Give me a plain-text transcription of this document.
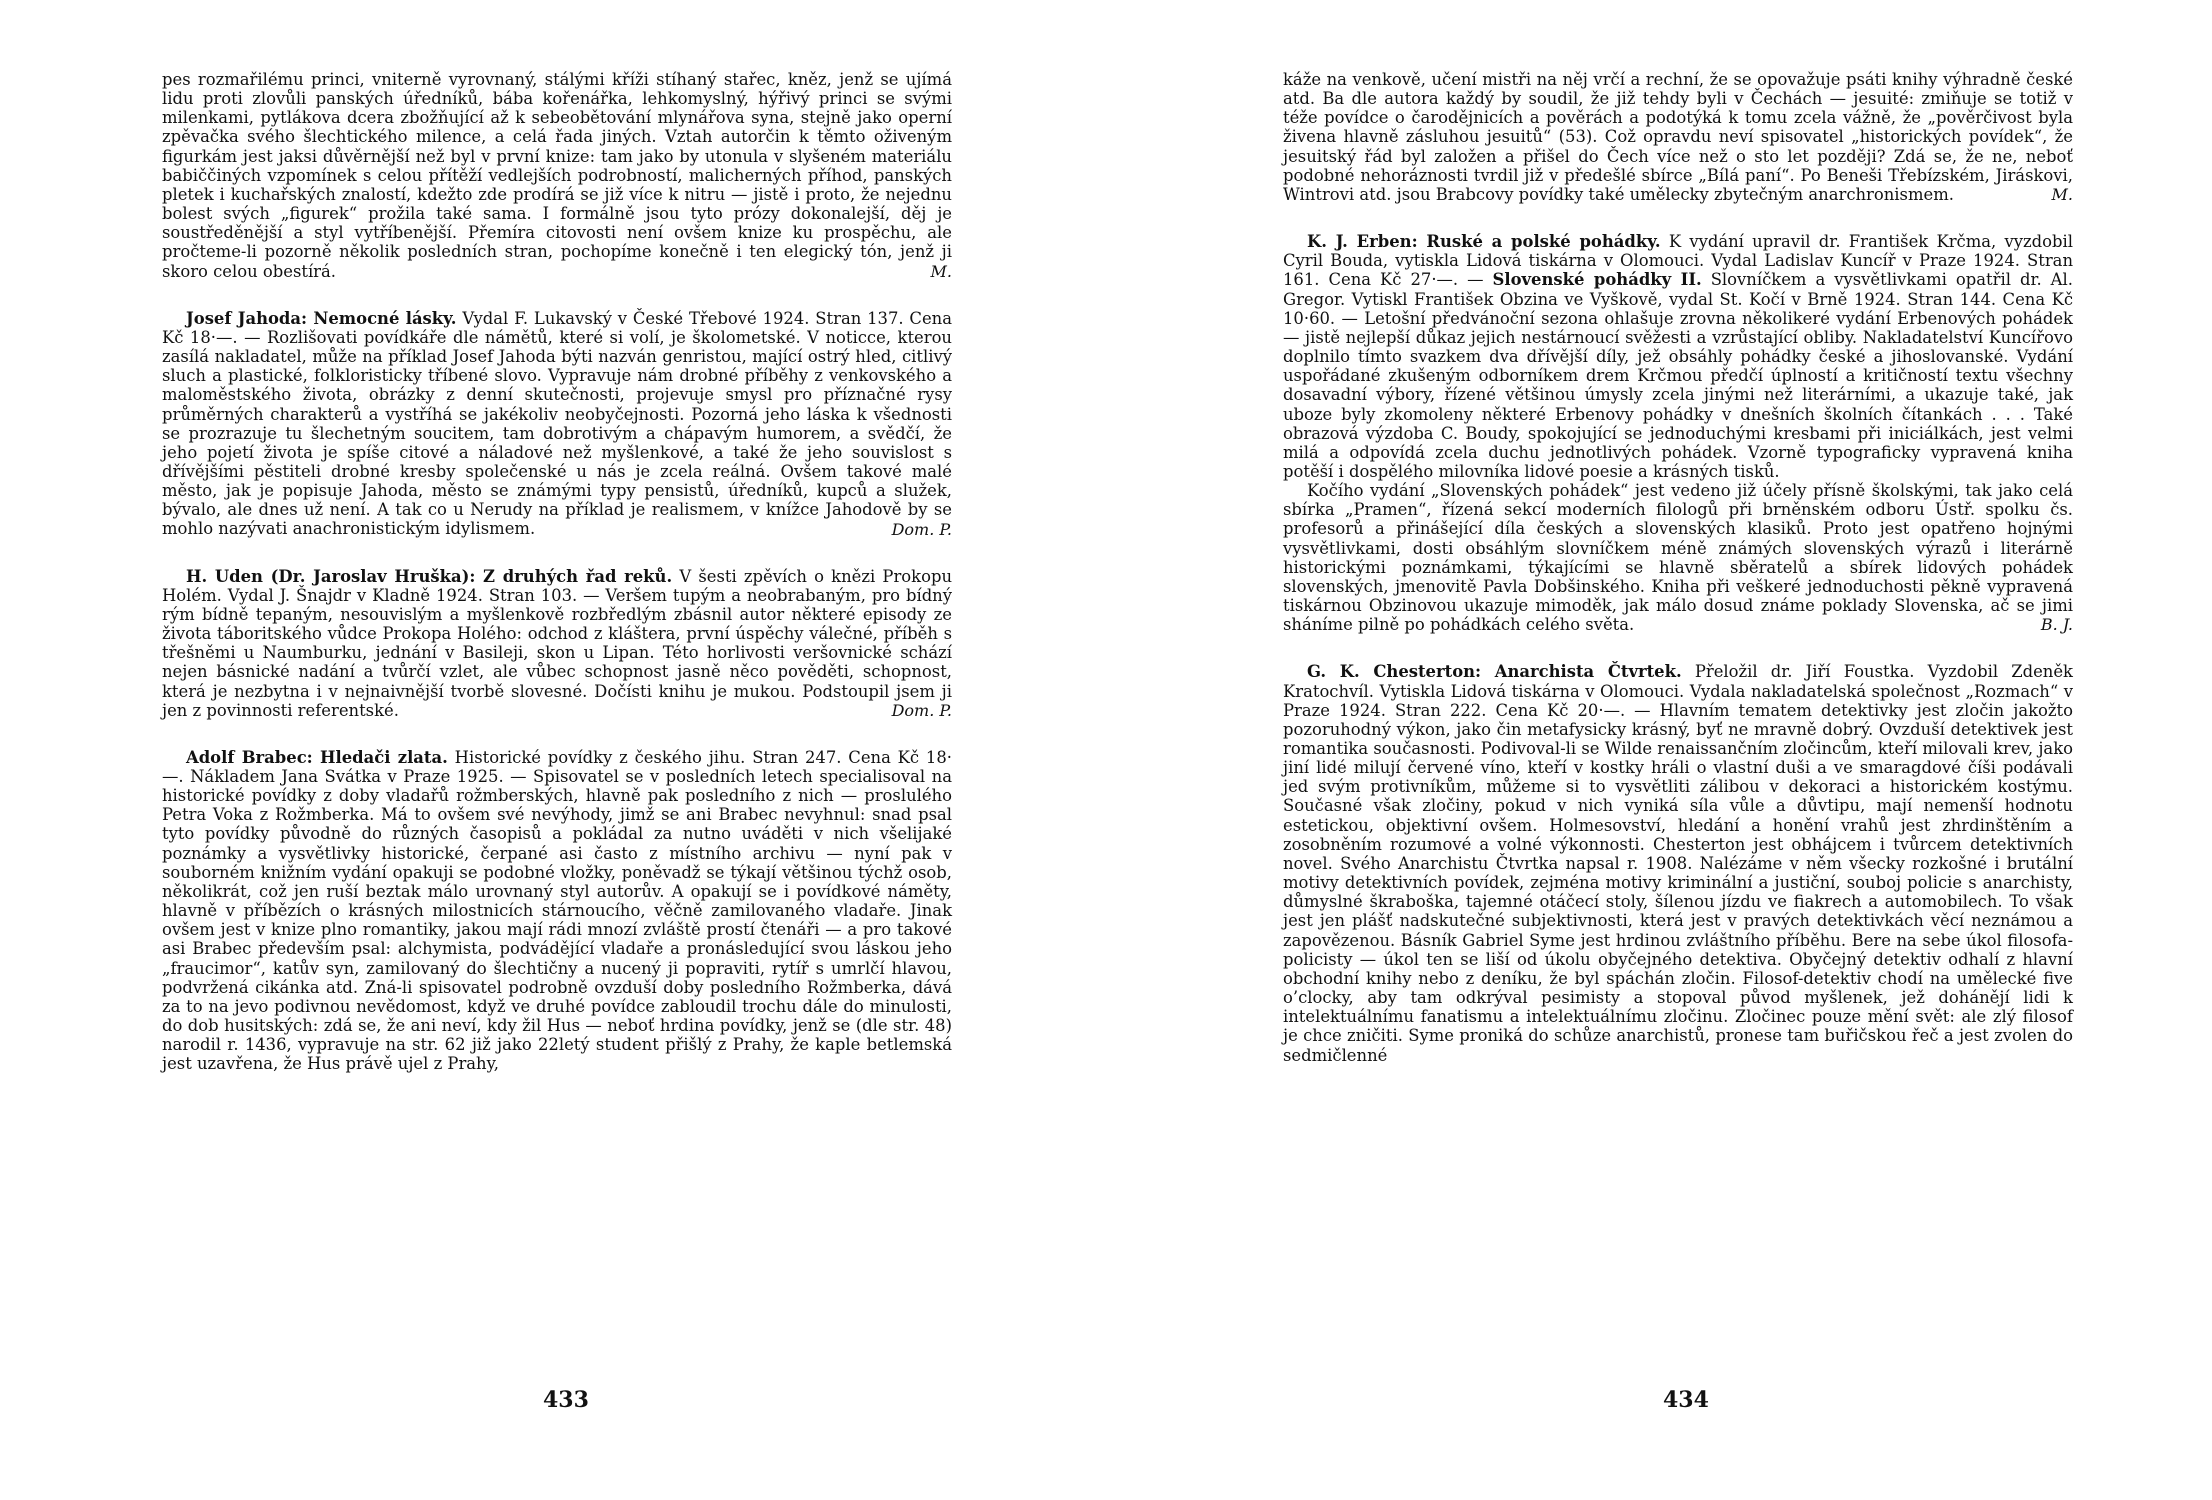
pes rozmařilému princi, vniterně vyrovnaný, stálými kříži stíhaný stařec, kněz, jenž se ujímá lidu proti zlovůli panských úředníků, bába kořenářka, lehkomyslný, hýřivý princi se svými milenkami, pytlákova dcera zbožňující až k sebeobětování mlynářova syna, stejně jako operní zpěvačka svého šlechtického milence, a celá řada jiných. Vztah autorčin k těmto oživeným figurkám jest jaksi důvěrnější než byl v první knize: tam jako by utonula v slyšeném materiálu babiččiných vzpomínek s celou přítěží vedlejších podrobností, malicherných příhod, panských pletek i kuchařských znalostí, kdežto zde prodírá se již více k nitru — jistě i proto, že nejednu bolest svých „figurek“ prožila také sama. I formálně jsou tyto prózy dokonalejší, děj je soustředěnější a styl vytříbenější. Přemíra citovosti není ovšem knize ku prospěchu, ale pročteme-li pozorně několik posledních stran, pochopíme konečně i ten elegický tón, jenž ji skoro celou obestírá.	M.

Josef Jahoda: Nemocné lásky. Vydal F. Lukavský v České Třebové 1924. Stran 137. Cena Kč 18·—. — Rozlišovati povídkáře dle námětů, které si volí, je školometské. V noticce, kterou zasílá nakladatel, může na příklad Josef Jahoda býti nazván genristou, mající ostrý hled, citlivý sluch a plastické, folkloristicky tříbené slovo. Vypravuje nám drobné příběhy z venkovského a maloměstského života, obrázky z denní skutečnosti, projevuje smysl pro příznačné rysy průměrných charakterů a vystříhá se jakékoliv neobyčejnosti. Pozorná jeho láska k všednosti se prozrazuje tu šlechetným soucitem, tam dobrotivým a chápavým humorem, a svědčí, že jeho pojetí života je spíše citové a náladové než myšlenkové, a také že jeho souvislost s dřívějšími pěstiteli drobné kresby společenské u nás je zcela reálná. Ovšem takové malé město, jak je popisuje Jahoda, město se známými typy pensistů, úředníků, kupců a služek, bývalo, ale dnes už není. A tak co u Nerudy na příklad je realismem, v knížce Jahodově by se mohlo nazývati anachronistickým idylismem.	Dom. P.

H. Uden (Dr. Jaroslav Hruška): Z druhých řad reků. V šesti zpěvích o knězi Prokopu Holém. Vydal J. Šnajdr v Kladně 1924. Stran 103. — Veršem tupým a neobrabaným, pro bídný rým bídně tepaným, nesouvislým a myšlenkově rozbředlým zbásnil autor některé episody ze života táboritského vůdce Prokopa Holého: odchod z kláštera, první úspěchy válečné, příběh s třešněmi u Naumburku, jednání v Basileji, skon u Lipan. Této horlivosti veršovnické schází nejen básnické nadání a tvůrčí vzlet, ale vůbec schopnost jasně něco pověděti, schopnost, která je nezbytna i v nejnaivnější tvorbě slovesné. Dočísti knihu je mukou. Podstoupil jsem ji jen z povinnosti referentské.	Dom. P.

Adolf Brabec: Hledači zlata. Historické povídky z českého jihu. Stran 247. Cena Kč 18·—. Nákladem Jana Svátka v Praze 1925. — Spisovatel se v posledních letech specialisoval na historické povídky z doby vladařů rožmberských, hlavně pak posledního z nich — proslulého Petra Voka z Rožmberka. Má to ovšem své nevýhody, jimž se ani Brabec nevyhnul: snad psal tyto povídky původně do různých časopisů a pokládal za nutno uváděti v nich všelijaké poznámky a vysvětlivky historické, čerpané asi často z místního archivu — nyní pak v souborném knižním vydání opakuji se podobné vložky, poněvadž se týkají většinou týchž osob, několikrát, což jen ruší beztak málo urovnaný styl autorův. A opakují se i povídkové náměty, hlavně v příbězích o krásných milostnicích stárnoucího, věčně zamilovaného vladaře. Jinak ovšem jest v knize plno romantiky, jakou mají rádi mnozí zvláště prostí čtenáři — a pro takové asi Brabec především psal: alchymista, podvádějící vladaře a pronásledující svou láskou jeho „fraucimor“, katův syn, zamilovaný do šlechtičny a nucený ji popraviti, rytíř s umrlčí hlavou, podvržená cikánka atd. Zná-li spisovatel podrobně ovzduší doby posledního Rožmberka, dává za to na jevo podivnou nevědomost, když ve druhé povídce zabloudil trochu dále do minulosti, do dob husitských: zdá se, že ani neví, kdy žil Hus — neboť hrdina povídky, jenž se (dle str. 48) narodil r. 1436, vypravuje na str. 62 již jako 22letý student přišlý z Prahy, že kaple betlemská jest uzavřena, že Hus právě ujel z Prahy,

433

káže na venkově, učení mistři na něj vrčí a rechní, že se opovažuje psáti knihy výhradně české atd. Ba dle autora každý by soudil, že již tehdy byli v Čechách — jesuité: zmiňuje se totiž v téže povídce o čarodějnicích a pověrách a podotýká k tomu zcela vážně, že „pověrčivost byla živena hlavně zásluhou jesuitů“ (53). Což opravdu neví spisovatel „historických povídek“, že jesuitský řád byl založen a přišel do Čech více než o sto let později? Zdá se, že ne, neboť podobné nehoráznosti tvrdil již v předešlé sbírce „Bílá paní“. Po Beneši Třebízském, Jiráskovi, Wintrovi atd. jsou Brabcovy povídky také umělecky zbytečným anarchronismem.	M.

K. J. Erben: Ruské a polské pohádky. K vydání upravil dr. František Krčma, vyzdobil Cyril Bouda, vytiskla Lidová tiskárna v Olomouci. Vydal Ladislav Kuncíř v Praze 1924. Stran 161. Cena Kč 27·—. — Slovenské pohádky II. Slovníčkem a vysvětlivkami opatřil dr. Al. Gregor. Vytiskl František Obzina ve Vyškově, vydal St. Kočí v Brně 1924. Stran 144. Cena Kč 10·60. — Letošní předvánoční sezona ohlašuje zrovna několikeré vydání Erbenových pohádek — jistě nejlepší důkaz jejich nestárnoucí svěžesti a vzrůstající obliby. Nakladatelství Kuncířovo doplnilo tímto svazkem dva dřívější díly, jež obsáhly pohádky české a jihoslovanské. Vydání uspořádané zkušeným odborníkem drem Krčmou předčí úplností a kritičností textu všechny dosavadní výbory, řízené většinou úmysly zcela jinými než literárními, a ukazuje také, jak uboze byly zkomoleny některé Erbenovy pohádky v dnešních školních čítankách . . . Také obrazová výzdoba C. Boudy, spokojující se jednoduchými kresbami při iniciálkách, jest velmi milá a odpovídá zcela duchu jednotlivých pohádek. Vzorně typograficky vypravená kniha potěší i dospělého milovníka lidové poesie a krásných tisků.

Kočího vydání „Slovenských pohádek“ jest vedeno již účely přísně školskými, tak jako celá sbírka „Pramen“, řízená sekcí moderních filologů při brněnském odboru Ústř. spolku čs. profesorů a přinášející díla českých a slovenských klasiků. Proto jest opatřeno hojnými vysvětlivkami, dosti obsáhlým slovníčkem méně známých slovenských výrazů i literárně historickými poznámkami, týkajícími se hlavně sběratelů a sbírek lidových pohádek slovenských, jmenovitě Pavla Dobšinského. Kniha při veškeré jednoduchosti pěkně vypravená tiskárnou Obzinovou ukazuje mimoděk, jak málo dosud známe poklady Slovenska, ač se jimi sháníme pilně po pohádkách celého světa.	B. J.

G. K. Chesterton: Anarchista Čtvrtek. Přeložil dr. Jiří Foustka. Vyzdobil Zdeněk Kratochvíl. Vytiskla Lidová tiskárna v Olomouci. Vydala nakladatelská společnost „Rozmach“ v Praze 1924. Stran 222. Cena Kč 20·—. — Hlavním tematem detektivky jest zločin jakožto pozoruhodný výkon, jako čin metafysicky krásný, byť ne mravně dobrý. Ovzduší detektivek jest romantika současnosti. Podivoval-li se Wilde renaissančním zločincům, kteří milovali krev, jako jiní lidé milují červené víno, kteří v kostky hráli o vlastní duši a ve smaragdové číši podávali jed svým protivníkům, můžeme si to vysvětliti zálibou v dekoraci a historickém kostýmu. Současné však zločiny, pokud v nich vyniká síla vůle a důvtipu, mají nemenší hodnotu estetickou, objektivní ovšem. Holmesovství, hledání a honění vrahů jest zhrdinštěním a zosobněním rozumové a volné výkonnosti. Chesterton jest obhájcem i tvůrcem detektivních novel. Svého Anarchistu Čtvrtka napsal r. 1908. Nalézáme v něm všecky rozkošné i brutální motivy detektivních povídek, zejména motivy kriminální a justiční, souboj policie s anarchisty, důmyslné škraboška, tajemné otáčecí stoly, šílenou jízdu ve fiakrech a automobilech. To však jest jen plášť nadskutečné subjektivnosti, která jest v pravých detektivkách věcí neznámou a zapovězenou. Básník Gabriel Syme jest hrdinou zvláštního příběhu. Bere na sebe úkol filosofa-policisty — úkol ten se liší od úkolu obyčejného detektiva. Obyčejný detektiv odhalí z hlavní obchodní knihy nebo z deníku, že byl spáchán zločin. Filosof-detektiv chodí na umělecké five o’clocky, aby tam odkrýval pesimisty a stopoval původ myšlenek, jež dohánějí lidi k intelektuálnímu fanatismu a intelektuálnímu zločinu. Zločinec pouze mění svět: ale zlý filosof je chce zničiti. Syme proniká do schůze anarchistů, pronese tam buřičskou řeč a jest zvolen do sedmičlenné

434
